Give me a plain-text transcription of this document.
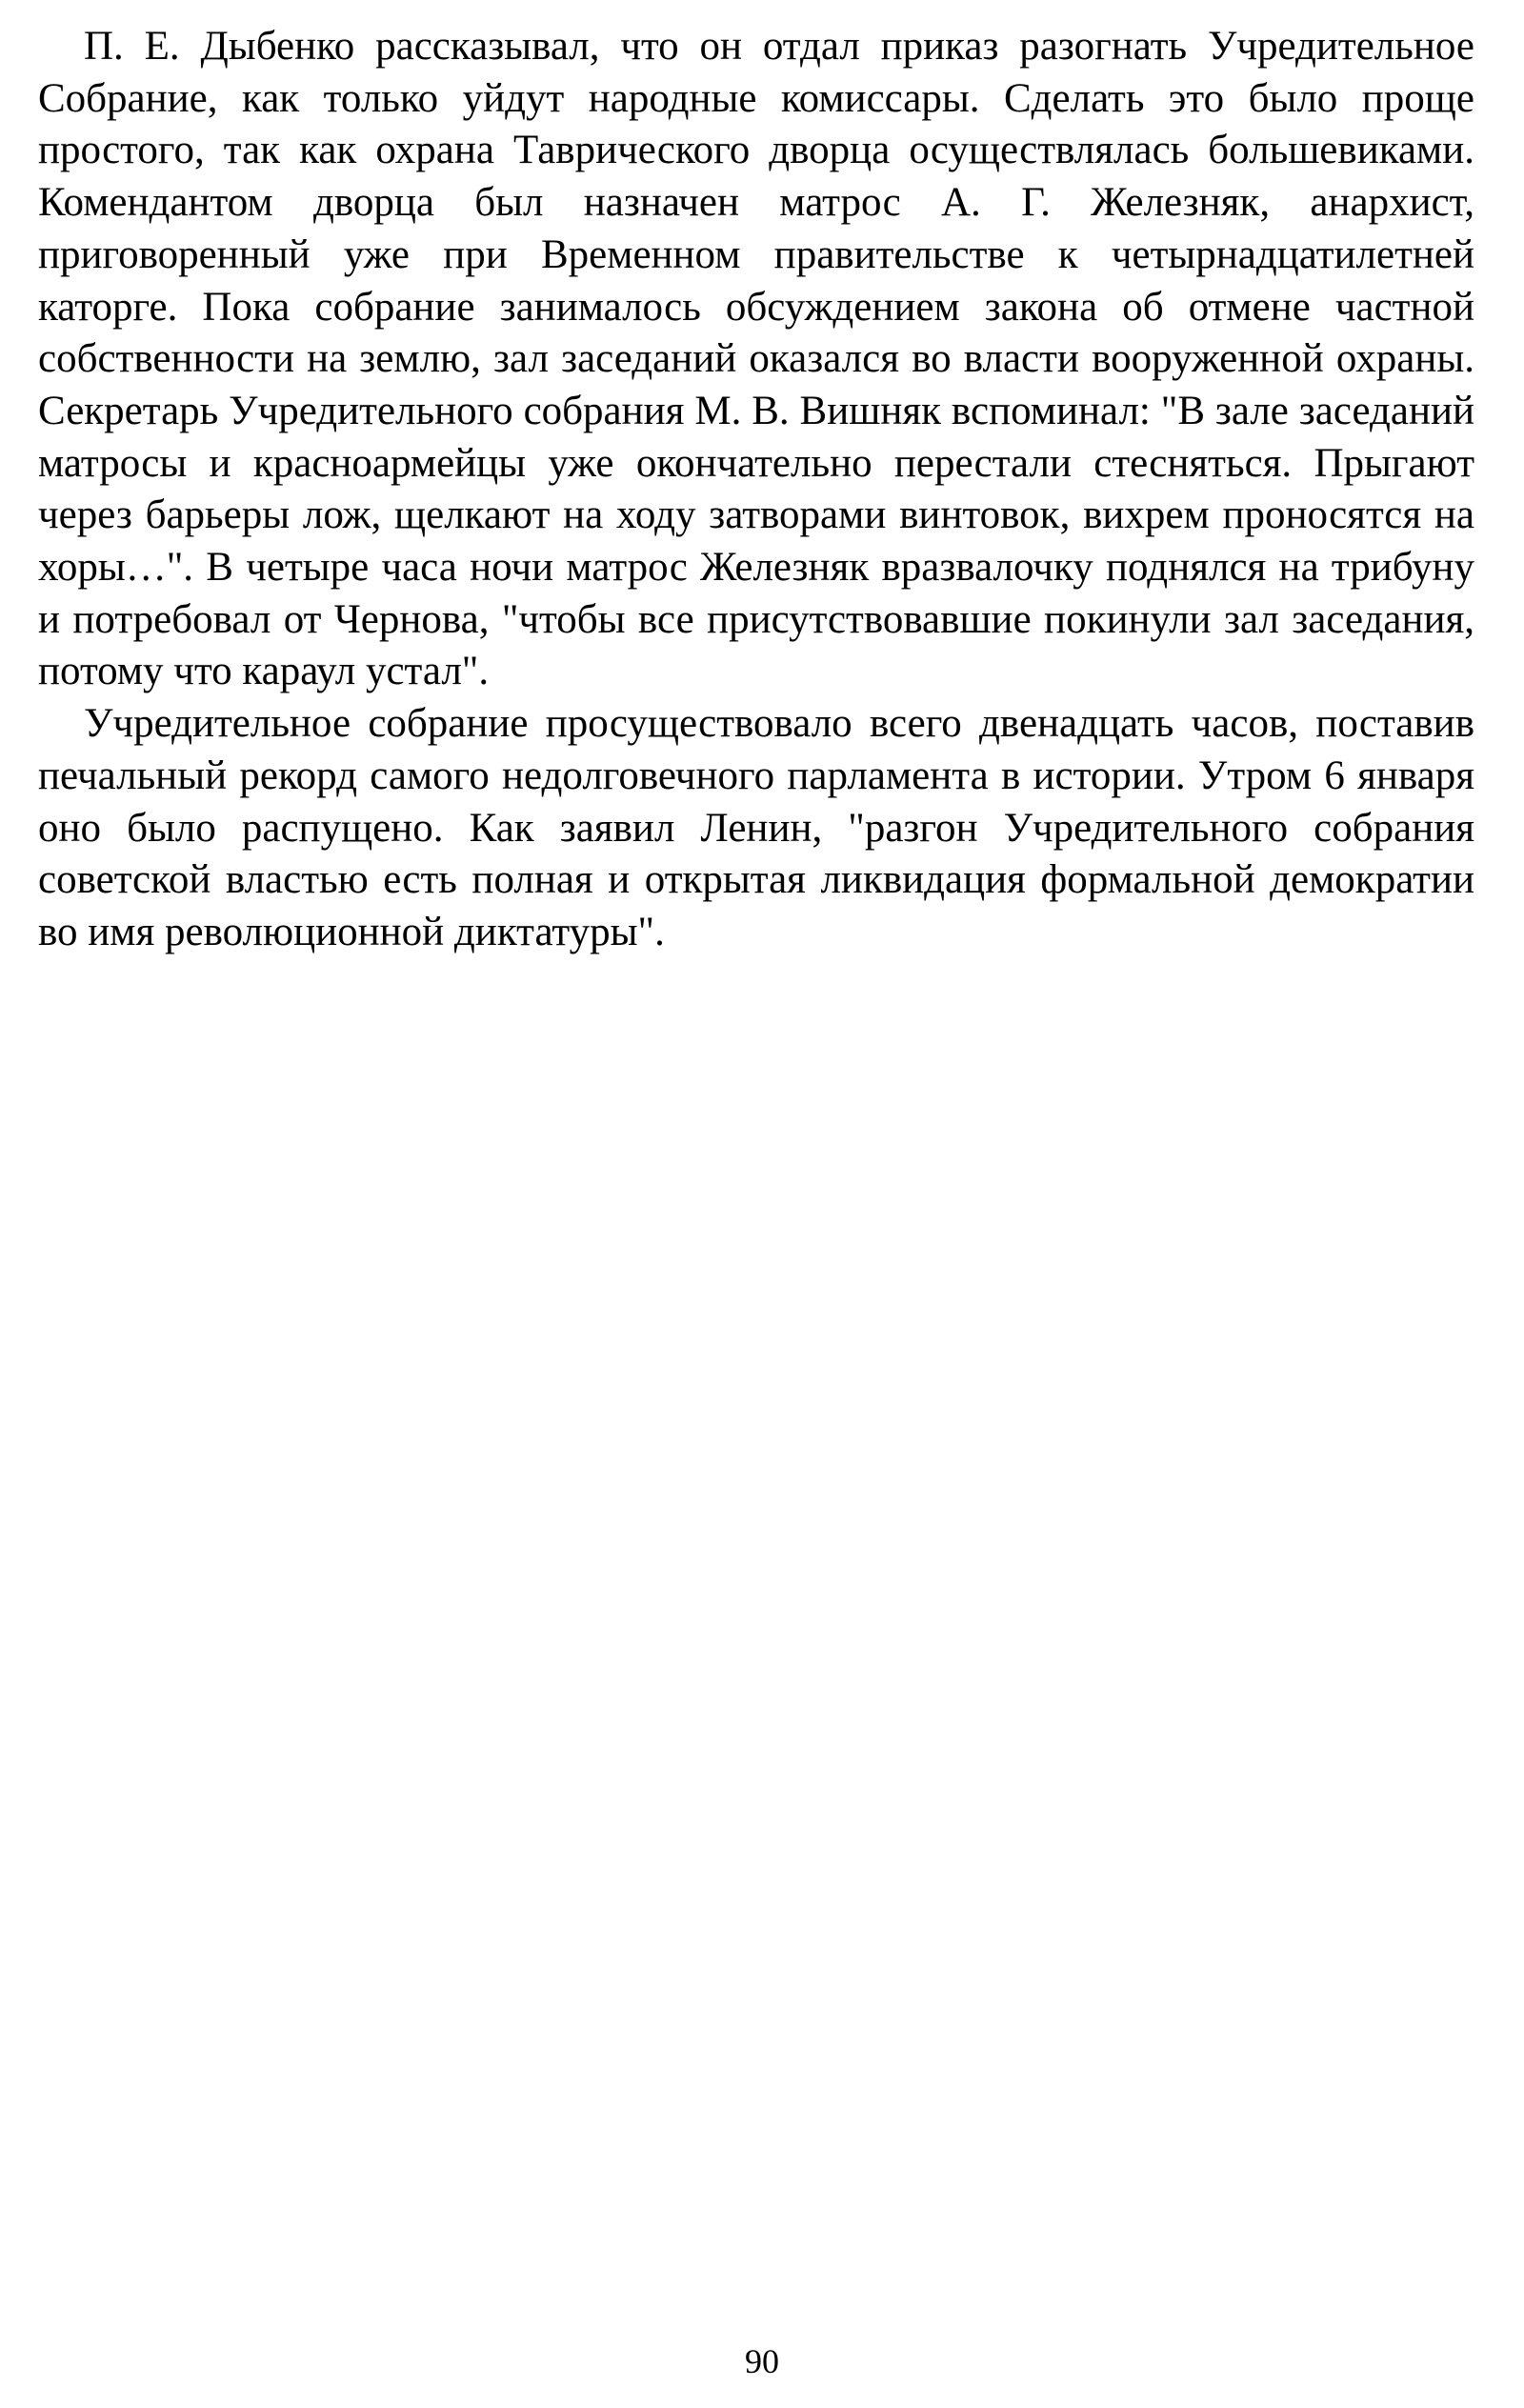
П. Е. Дыбенко рассказывал, что он отдал приказ разогнать Учредительное Собрание, как только уйдут народные комиссары. Сделать это было проще простого, так как охрана Таврического дворца осуществлялась большевиками. Комендантом дворца был назначен матрос А. Г. Железняк, анархист, приговоренный уже при Временном правительстве к четырнадцатилетней каторге. Пока собрание занималось обсуждением закона об отмене частной собственности на землю, зал заседаний оказался во власти вооруженной охраны. Секретарь Учредительного собрания М. В. Вишняк вспоминал: "В зале заседаний матросы и красноармейцы уже окончательно перестали стесняться. Прыгают через барьеры лож, щелкают на ходу затворами винтовок, вихрем проносятся на хоры…". В четыре часа ночи матрос Железняк вразвалочку поднялся на трибуну и потребовал от Чернова, "чтобы все присутствовавшие покинули зал заседания, потому что караул устал".

Учредительное собрание просуществовало всего двенадцать часов, поставив печальный рекорд самого недолговечного парламента в истории. Утром 6 января оно было распущено. Как заявил Ленин, "разгон Учредительного собрания советской властью есть полная и открытая ликвидация формальной демократии во имя революционной диктатуры".

90
